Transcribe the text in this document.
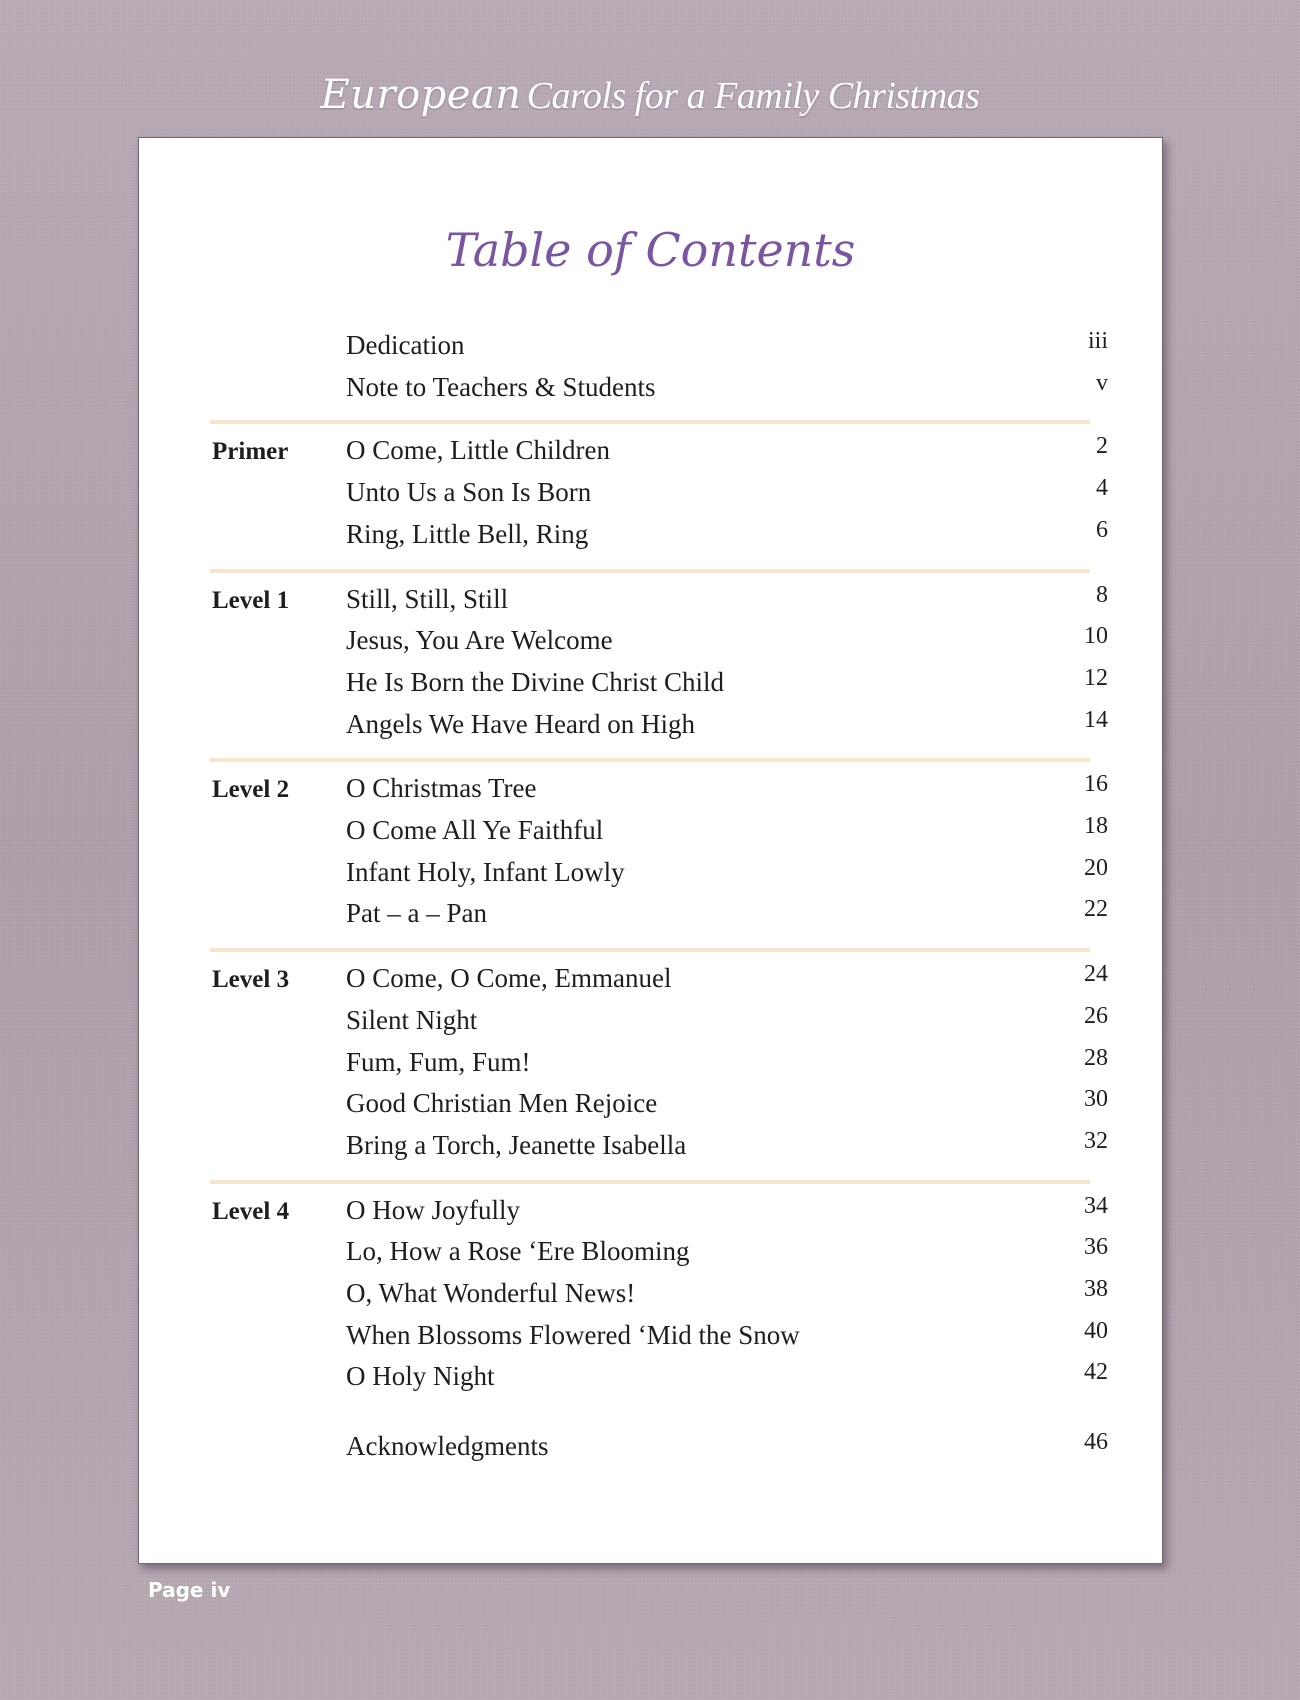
European Carols for a Family Christmas
Table of Contents
Dedication	iii
Note to Teachers & Students	v
Primer O Come, Little Children	2
Unto Us a Son Is Born	4
Ring, Little Bell, Ring	6
Level 1 Still, Still, Still	8
Jesus, You Are Welcome	10
He Is Born the Divine Christ Child	12
Angels We Have Heard on High	14
Level 2 O Christmas Tree	16
O Come All Ye Faithful	18
Infant Holy, Infant Lowly	20
Pat – a – Pan	22
Level 3 O Come, O Come, Emmanuel	24
Silent Night	26
Fum, Fum, Fum!	28
Good Christian Men Rejoice	30
Bring a Torch, Jeanette Isabella	32
Level 4 O How Joyfully	34
Lo, How a Rose ‘Ere Blooming	36
O, What Wonderful News!	38
When Blossoms Flowered ‘Mid the Snow	40
O Holy Night	42
Acknowledgments	46
Page iv
